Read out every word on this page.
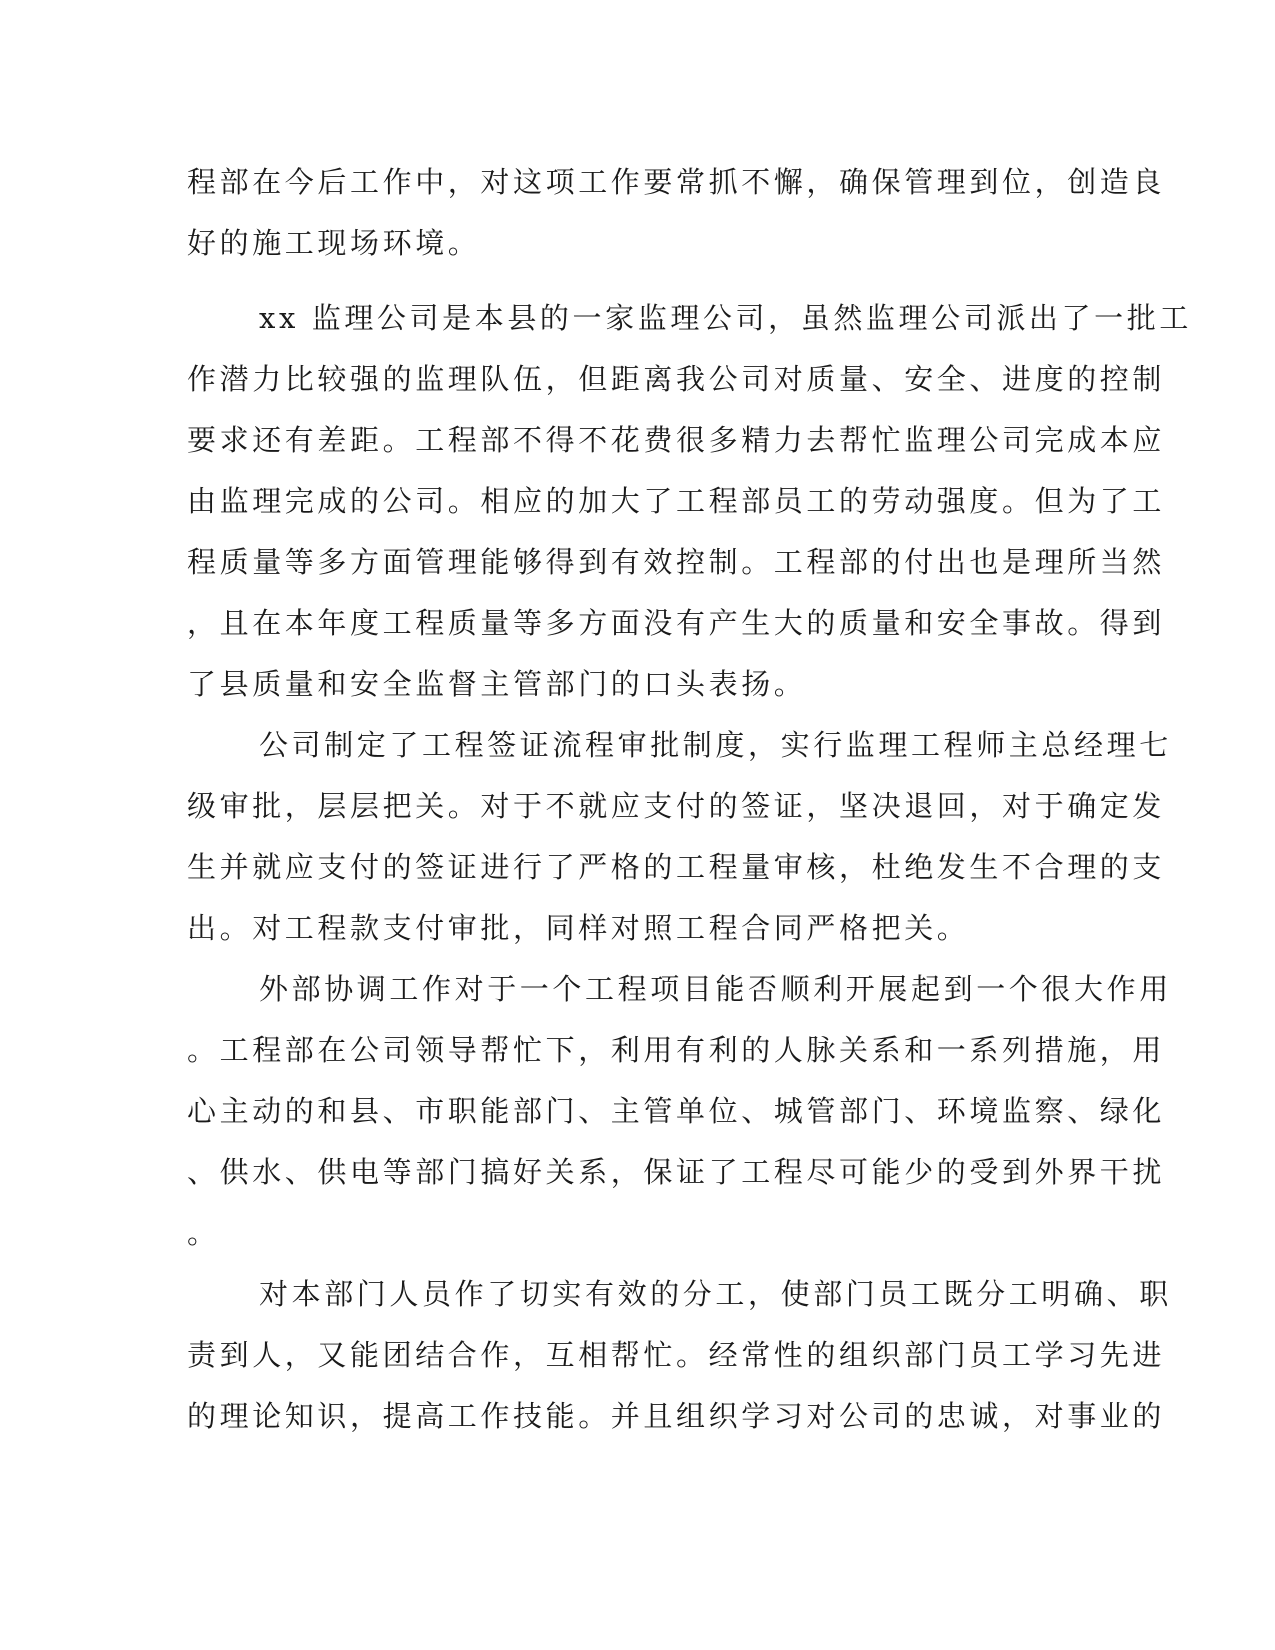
程部在今后工作中，对这项工作要常抓不懈，确保管理到位，创造良
好的施工现场环境。
xx 监理公司是本县的一家监理公司，虽然监理公司派出了一批工
作潜力比较强的监理队伍，但距离我公司对质量、安全、进度的控制
要求还有差距。工程部不得不花费很多精力去帮忙监理公司完成本应
由监理完成的公司。相应的加大了工程部员工的劳动强度。但为了工
程质量等多方面管理能够得到有效控制。工程部的付出也是理所当然
，且在本年度工程质量等多方面没有产生大的质量和安全事故。得到
了县质量和安全监督主管部门的口头表扬。
公司制定了工程签证流程审批制度，实行监理工程师主总经理七
级审批，层层把关。对于不就应支付的签证，坚决退回，对于确定发
生并就应支付的签证进行了严格的工程量审核，杜绝发生不合理的支
出。对工程款支付审批，同样对照工程合同严格把关。
外部协调工作对于一个工程项目能否顺利开展起到一个很大作用
。工程部在公司领导帮忙下，利用有利的人脉关系和一系列措施，用
心主动的和县、市职能部门、主管单位、城管部门、环境监察、绿化
、供水、供电等部门搞好关系，保证了工程尽可能少的受到外界干扰
。
对本部门人员作了切实有效的分工，使部门员工既分工明确、职
责到人，又能团结合作，互相帮忙。经常性的组织部门员工学习先进
的理论知识，提高工作技能。并且组织学习对公司的忠诚，对事业的
